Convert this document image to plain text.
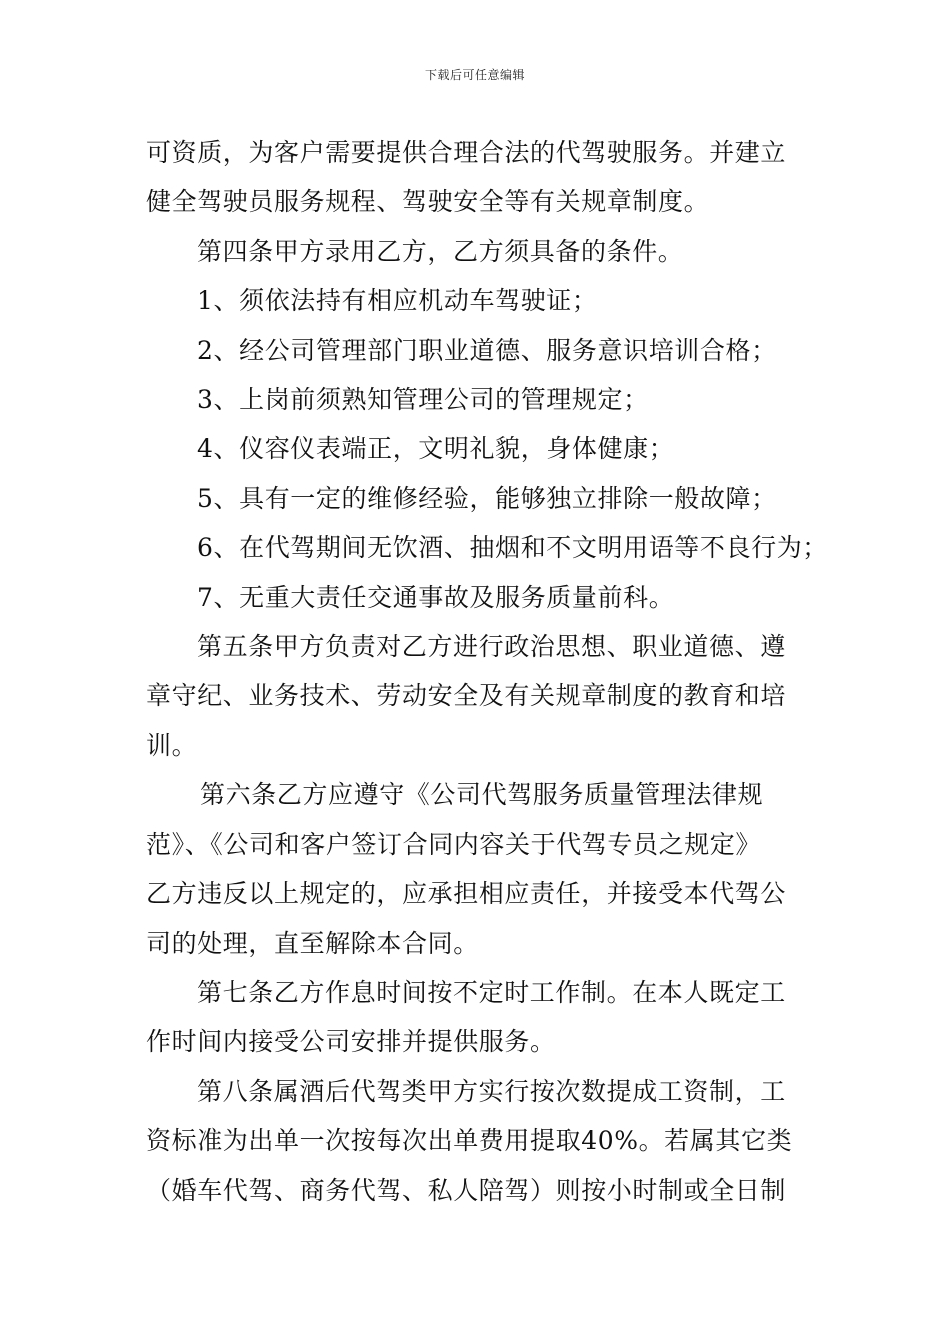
下载后可任意编辑
可资质，为客户需要提供合理合法的代驾驶服务。并建立
健全驾驶员服务规程、驾驶安全等有关规章制度。
第四条甲方录用乙方，乙方须具备的条件。
1、须依法持有相应机动车驾驶证；
2、经公司管理部门职业道德、服务意识培训合格；
3、上岗前须熟知管理公司的管理规定；
4、仪容仪表端正，文明礼貌，身体健康；
5、具有一定的维修经验，能够独立排除一般故障；
6、在代驾期间无饮酒、抽烟和不文明用语等不良行为；
7、无重大责任交通事故及服务质量前科。
第五条甲方负责对乙方进行政治思想、职业道德、遵
章守纪、业务技术、劳动安全及有关规章制度的教育和培
训。
第六条乙方应遵守《公司代驾服务质量管理法律规
范》、《公司和客户签订合同内容关于代驾专员之规定》
乙方违反以上规定的，应承担相应责任，并接受本代驾公
司的处理，直至解除本合同。
第七条乙方作息时间按不定时工作制。在本人既定工
作时间内接受公司安排并提供服务。
第八条属酒后代驾类甲方实行按次数提成工资制，工
资标准为出单一次按每次出单费用提取40%。若属其它类
（婚车代驾、商务代驾、私人陪驾）则按小时制或全日制
